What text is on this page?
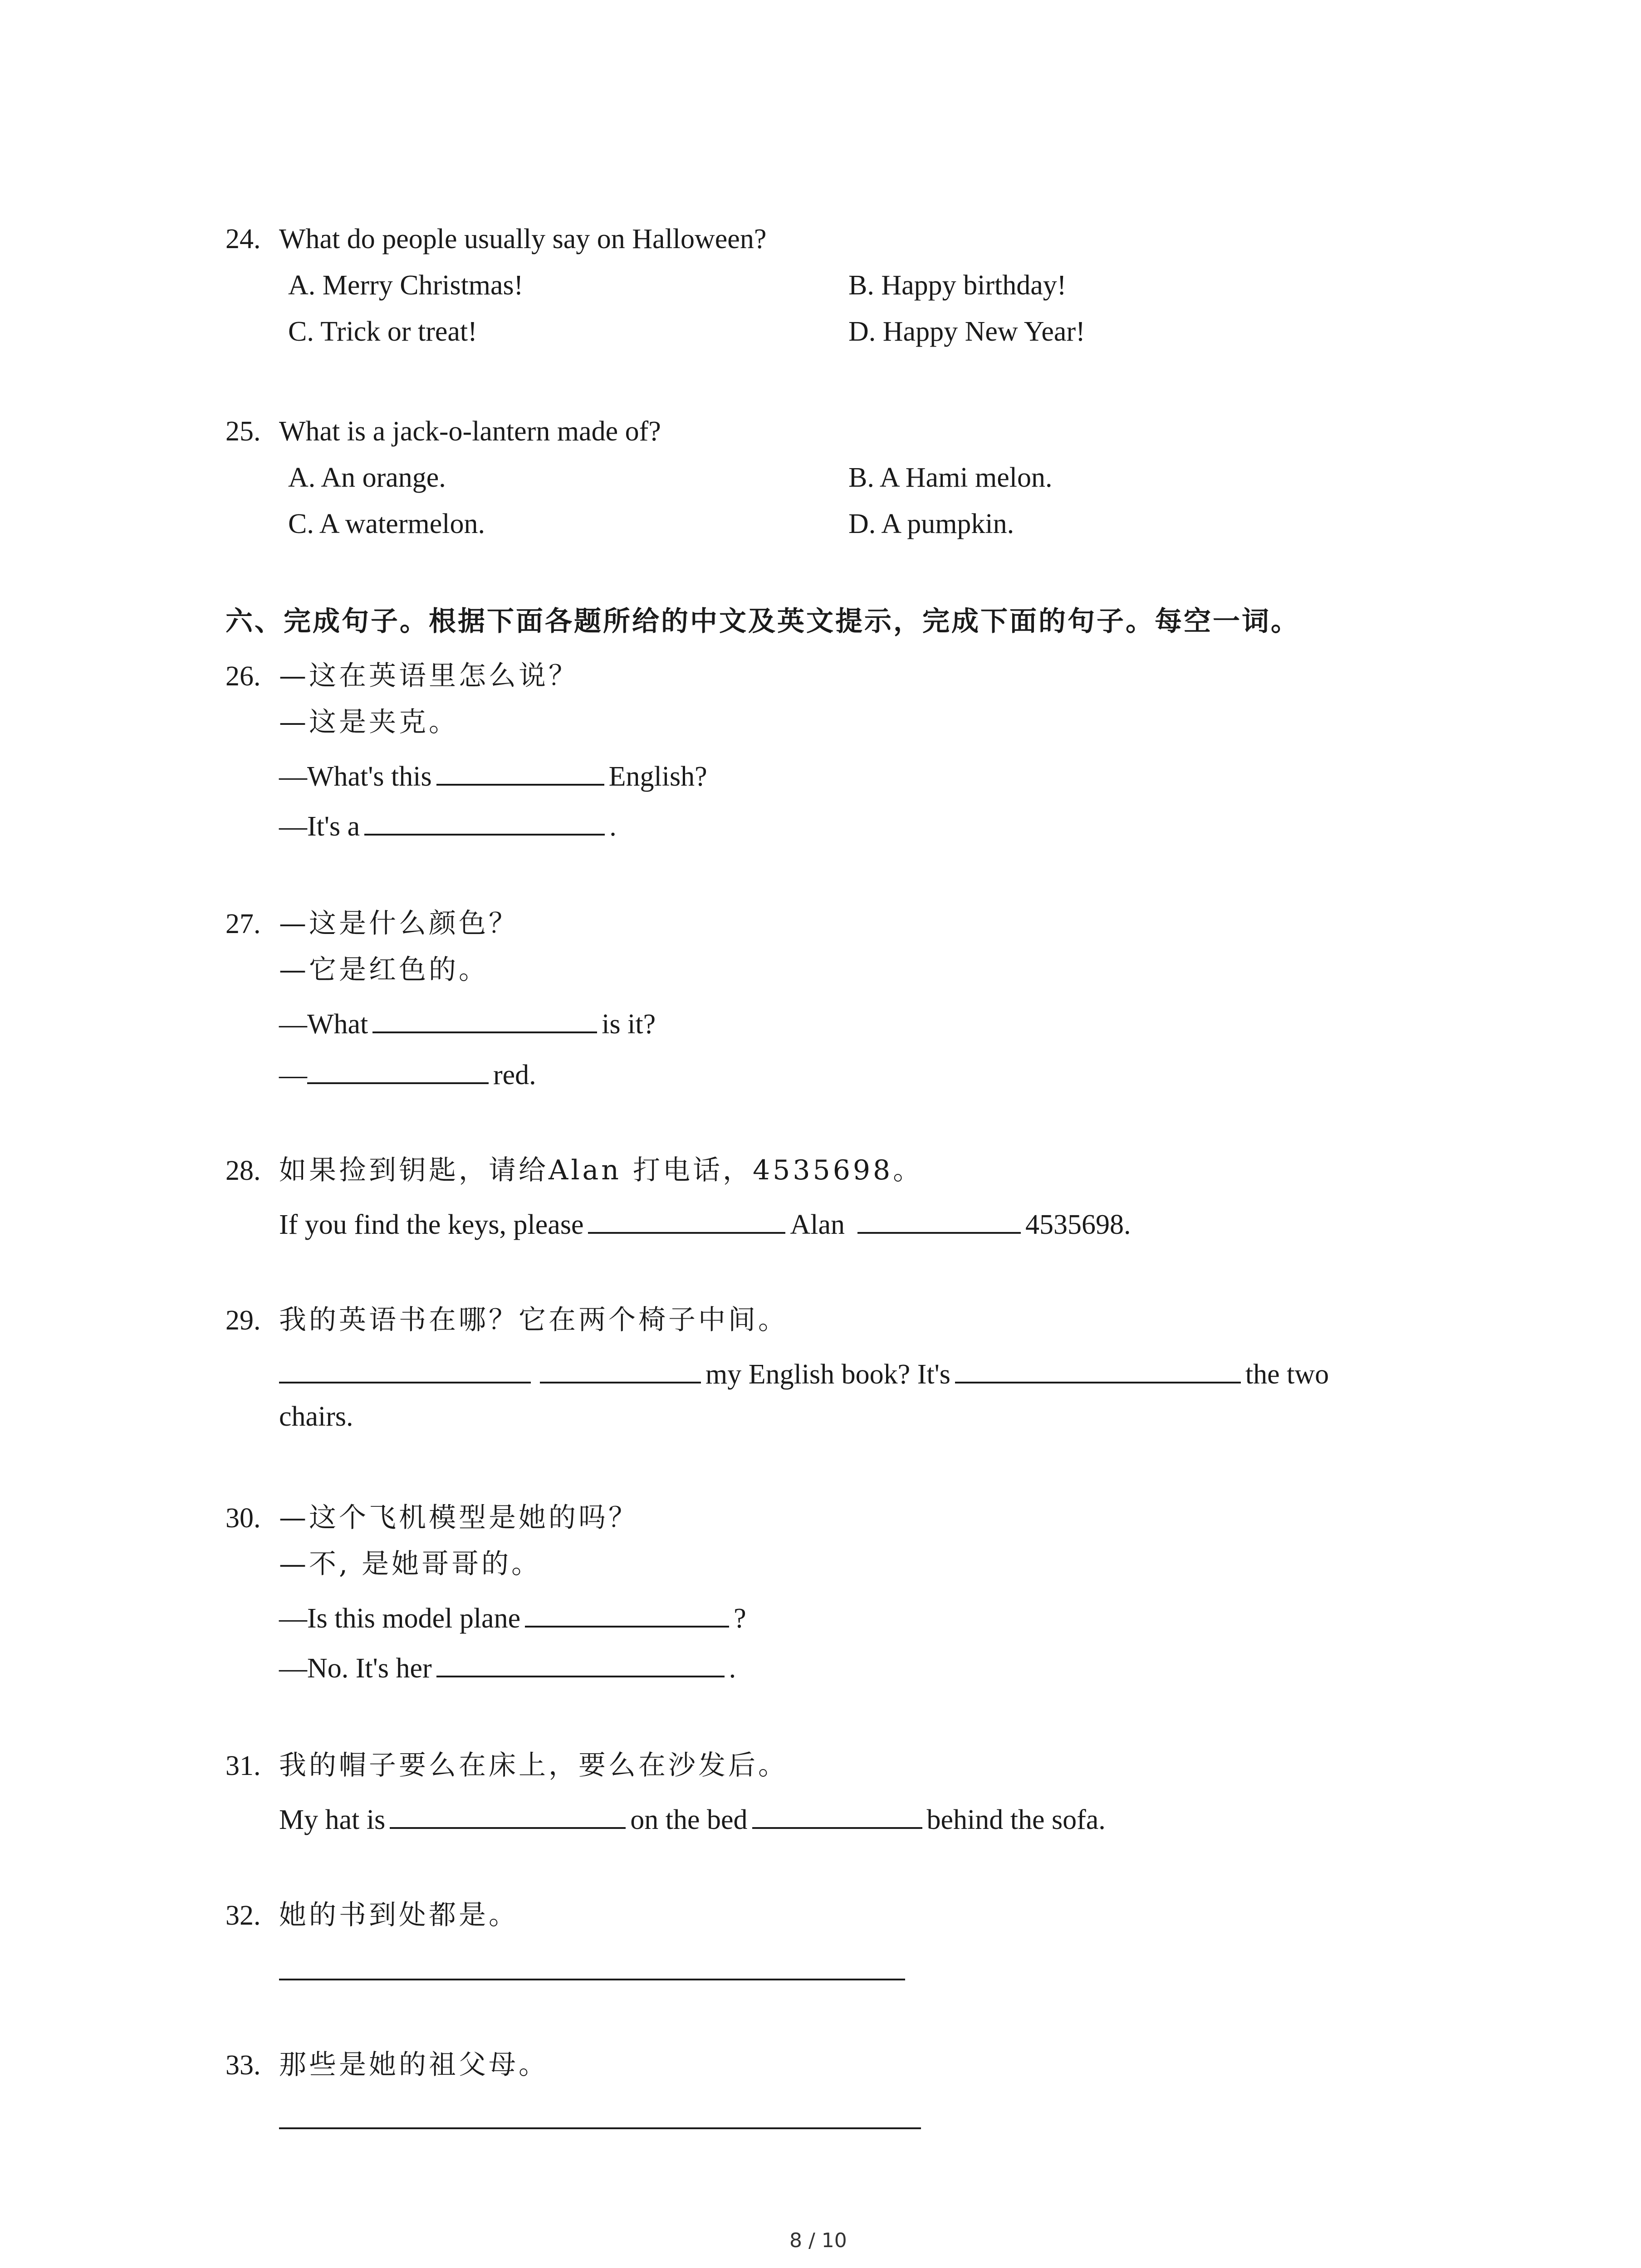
24. What do people usually say on Halloween?
A. Merry Christmas!	B. Happy birthday!
C. Trick or treat!	D. Happy New Year!
25. What is a jack-o-lantern made of?
A. An orange.	B. A Hami melon.
C. A watermelon.	D. A pumpkin.
六、完成句子。根据下面各题所给的中文及英文提示，完成下面的句子。每空一词。
26. —这在英语里怎么说？
—这是夹克。
—What's this	English?
—It's a	.
27. —这是什么颜色？
—它是红色的。
—What	is it?
—	red.
28. 如果捡到钥匙，请给Alan 打电话，4535698。
If you find the keys, please	Alan	4535698.
29. 我的英语书在哪？它在两个椅子中间。
my English book? It's	the two
chairs.
30. —这个飞机模型是她的吗？
—不, 是她哥哥的。
—Is this model plane	?
—No. It's her	.
31. 我的帽子要么在床上，要么在沙发后。
My hat is	on the bed	behind the sofa.
32. 她的书到处都是。
33. 那些是她的祖父母。
8 / 10
